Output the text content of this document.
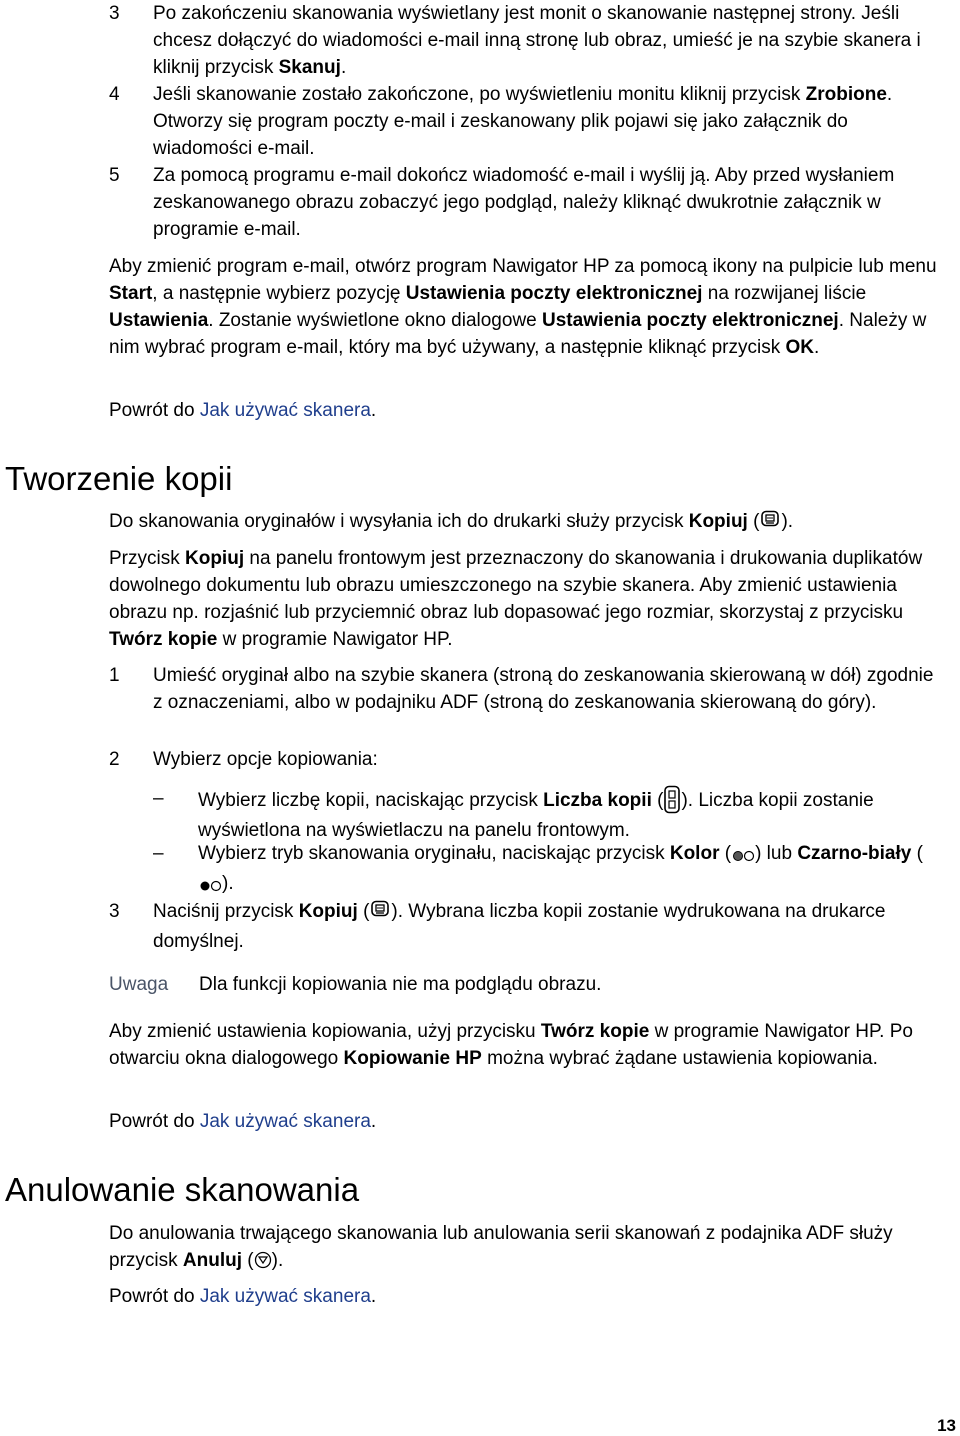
3	Po zakończeniu skanowania wyświetlany jest monit o skanowanie następnej strony. Jeśli chcesz dołączyć do wiadomości e-mail inną stronę lub obraz, umieść je na szybie skanera i kliknij przycisk Skanuj.
4	Jeśli skanowanie zostało zakończone, po wyświetleniu monitu kliknij przycisk Zrobione. Otworzy się program poczty e-mail i zeskanowany plik pojawi się jako załącznik do wiadomości e-mail.
5	Za pomocą programu e-mail dokończ wiadomość e-mail i wyślij ją. Aby przed wysłaniem zeskanowanego obrazu zobaczyć jego podgląd, należy kliknąć dwukrotnie załącznik w programie e-mail.

Aby zmienić program e-mail, otwórz program Nawigator HP za pomocą ikony na pulpicie lub menu Start, a następnie wybierz pozycję Ustawienia poczty elektronicznej na rozwijanej liście Ustawienia. Zostanie wyświetlone okno dialogowe Ustawienia poczty elektronicznej. Należy w nim wybrać program e-mail, który ma być używany, a następnie kliknąć przycisk OK.

Powrót do Jak używać skanera.

Tworzenie kopii

Do skanowania oryginałów i wysyłania ich do drukarki służy przycisk Kopiuj ( ).

Przycisk Kopiuj na panelu frontowym jest przeznaczony do skanowania i drukowania duplikatów dowolnego dokumentu lub obrazu umieszczonego na szybie skanera. Aby zmienić ustawienia obrazu np. rozjaśnić lub przyciemnić obraz lub dopasować jego rozmiar, skorzystaj z przycisku Twórz kopie w programie Nawigator HP.

1	Umieść oryginał albo na szybie skanera (stroną do zeskanowania skierowaną w dół) zgodnie z oznaczeniami, albo w podajniku ADF (stroną do zeskanowania skierowaną do góry).
2	Wybierz opcje kopiowania:
–	Wybierz liczbę kopii, naciskając przycisk Liczba kopii ( ). Liczba kopii zostanie wyświetlona na wyświetlaczu na panelu frontowym.
–	Wybierz tryb skanowania oryginału, naciskając przycisk Kolor ( ) lub Czarno-biały ().
3	Naciśnij przycisk Kopiuj ( ). Wybrana liczba kopii zostanie wydrukowana na drukarce domyślnej.
Uwaga Dla funkcji kopiowania nie ma podglądu obrazu.

Aby zmienić ustawienia kopiowania, użyj przycisku Twórz kopie w programie Nawigator HP. Po otwarciu okna dialogowego Kopiowanie HP można wybrać żądane ustawienia kopiowania.

Powrót do Jak używać skanera.

Anulowanie skanowania

Do anulowania trwającego skanowania lub anulowania serii skanowań z podajnika ADF służy przycisk Anuluj ( ).

Powrót do Jak używać skanera.

13
